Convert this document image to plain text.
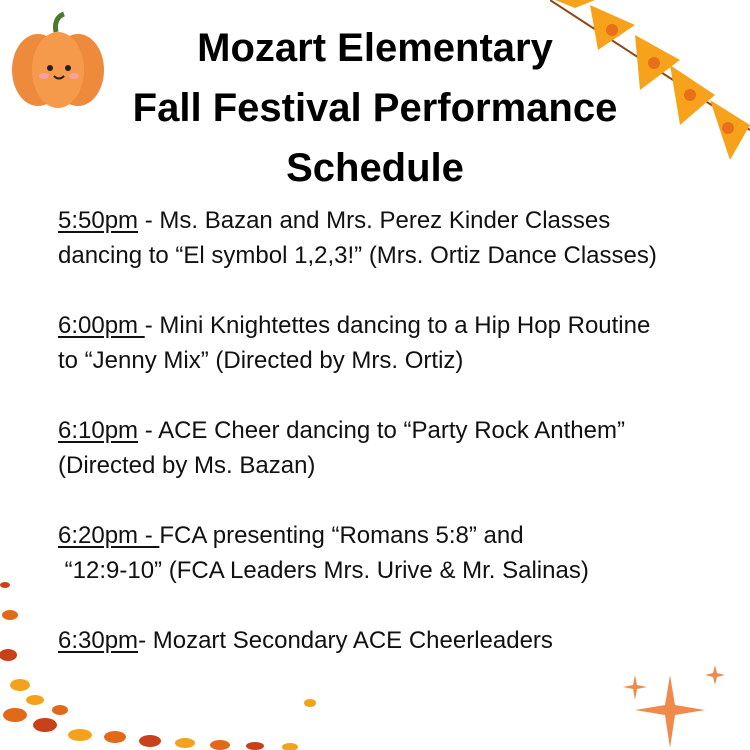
Mozart Elementary
Fall Festival Performance
Schedule
5:50pm - Ms. Bazan and Mrs. Perez Kinder Classes
dancing to “El symbol 1,2,3!” (Mrs. Ortiz Dance Classes)
6:00pm - Mini Knightettes dancing to a Hip Hop Routine
to “Jenny Mix” (Directed by Mrs. Ortiz)
6:10pm - ACE Cheer dancing to “Party Rock Anthem”
(Directed by Ms. Bazan)
6:20pm - FCA presenting “Romans 5:8” and
“12:9-10” (FCA Leaders Mrs. Urive & Mr. Salinas)
6:30pm- Mozart Secondary ACE Cheerleaders
